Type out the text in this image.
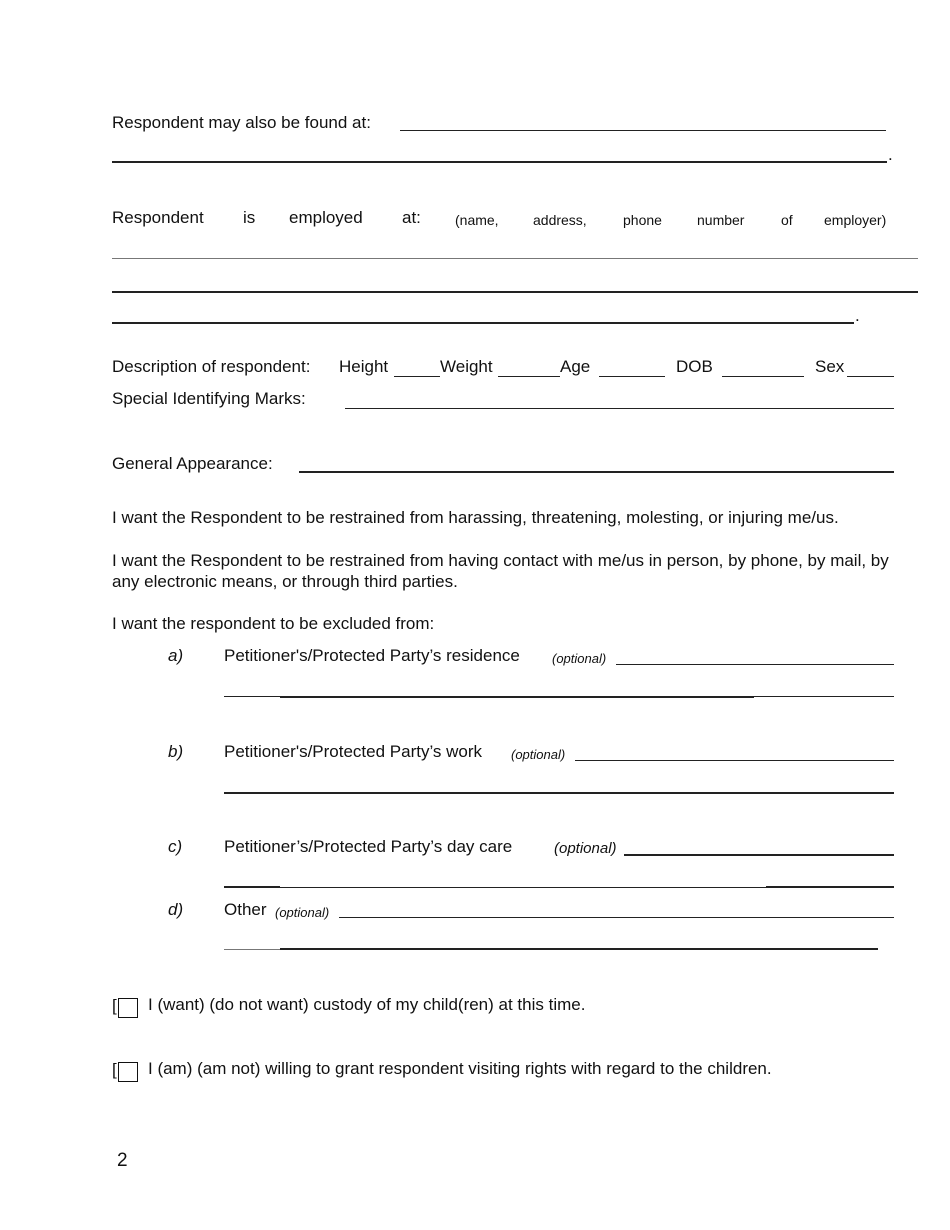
Respondent may also be found at:
.
Respondent is employed at: (name, address,	phone	number	of employer)
.
Description of respondent: Height	Weight	Age	DOB	Sex
Special Identifying Marks:
General Appearance:
I want the Respondent to be restrained from harassing, threatening, molesting, or injuring me/us.
I want the Respondent to be restrained from having contact with me/us in person, by phone, by mail, by any electronic means, or through third parties.
I want the respondent to be excluded from:
a) Petitioner's/Protected Party’s residence (optional)
b) Petitioner's/Protected Party’s work (optional)
c) Petitioner’s/Protected Party’s day care	(optional)
d) Other (optional)
[ I (want) (do not want) custody of my child(ren) at this time.
[ I (am) (am not) willing to grant respondent visiting rights with regard to the children.
2
